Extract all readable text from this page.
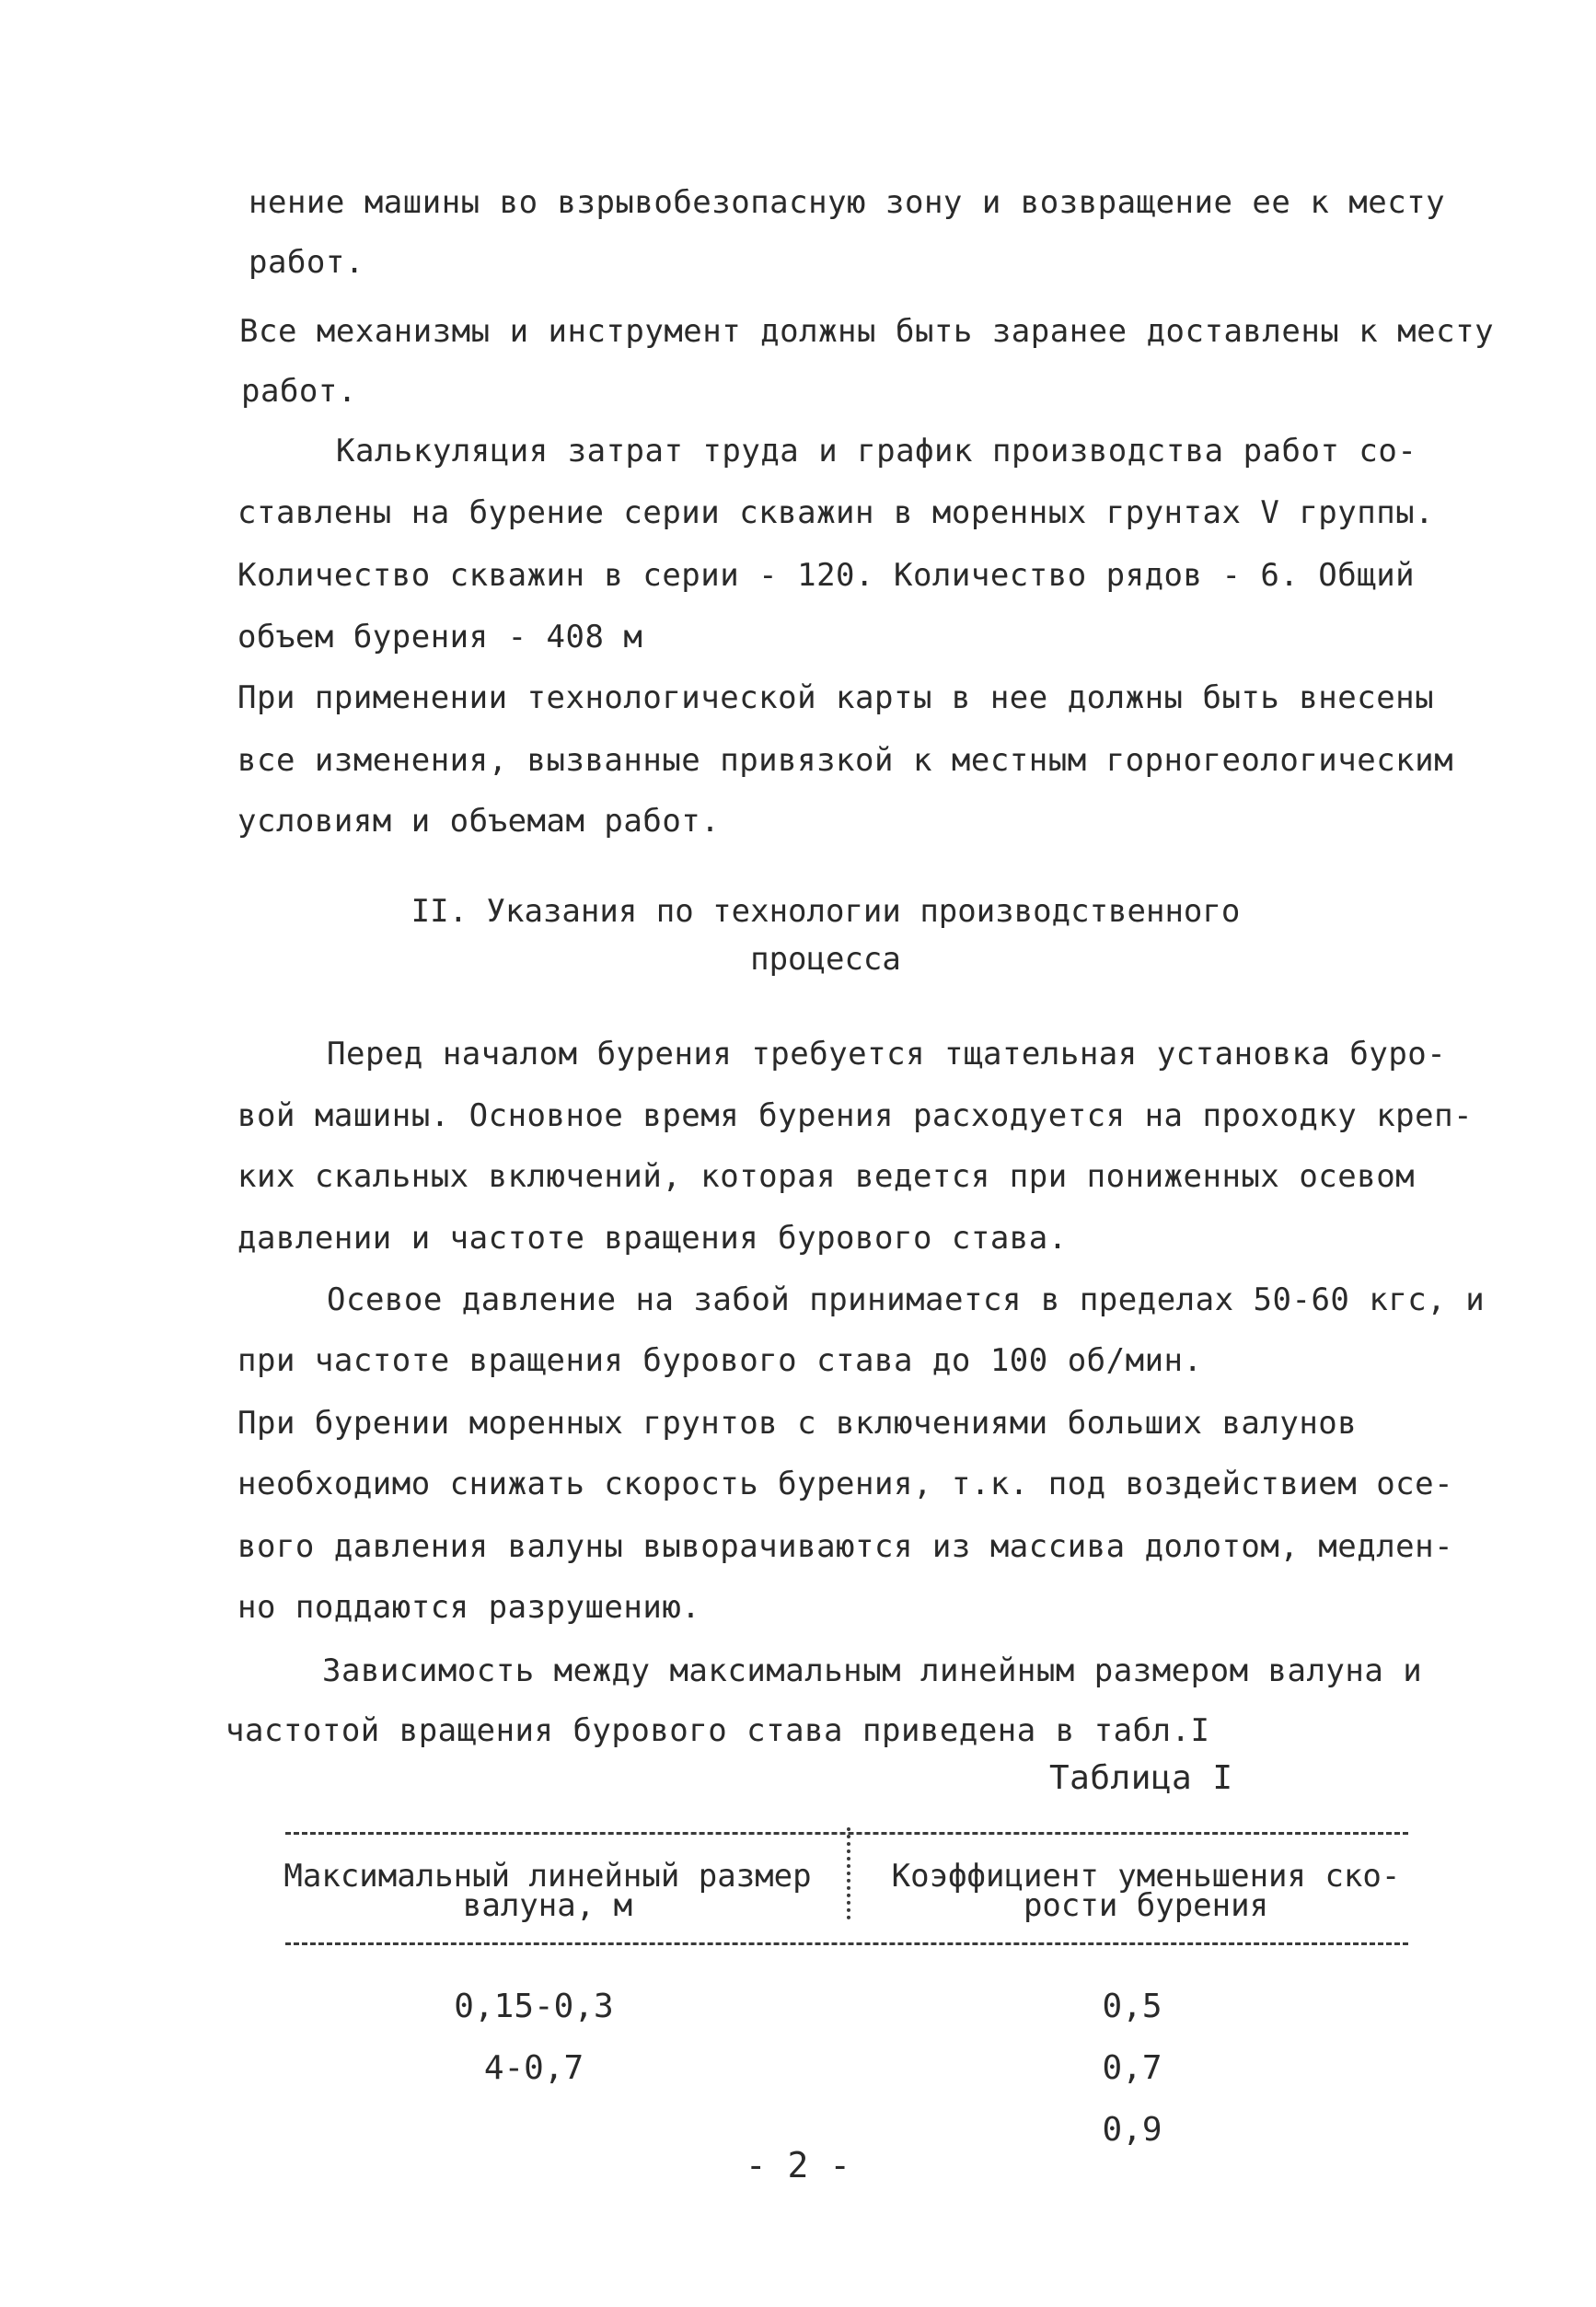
нение машины во взрывобезопасную зону и возвращение ее к месту
работ.
Все механизмы и инструмент должны быть заранее доставлены к месту
работ.
Калькуляция затрат труда и график производства работ со-
ставлены на бурение серии скважин в моренных грунтах V группы.
Количество скважин в серии - 120. Количество рядов - 6. Общий
объем бурения - 408 м
При применении технологической карты в нее должны быть внесены
все изменения, вызванные привязкой к местным горногеологическим
условиям и объемам работ.
II. Указания по технологии производственного
процесса
Перед началом бурения требуется тщательная установка буро-
вой машины. Основное время бурения расходуется на проходку креп-
ких скальных включений, которая ведется при пониженных осевом
давлении и частоте вращения бурового става.
Осевое давление на забой принимается в пределах 50-60 кгс, и
при частоте вращения бурового става до 100 об/мин.
При бурении моренных грунтов с включениями больших валунов
необходимо снижать скорость бурения, т.к. под воздействием осе-
вого давления валуны выворачиваются из массива долотом, медлен-
но поддаются разрушению.
Зависимость между максимальным линейным размером валуна и
частотой вращения бурового става приведена в табл.I
Таблица I
Максимальный линейный размер
валуна, м
Коэффициент уменьшения ско-
рости бурения
0,15-0,3	0,5
4-0,7	0,7
0,9
- 2 -
